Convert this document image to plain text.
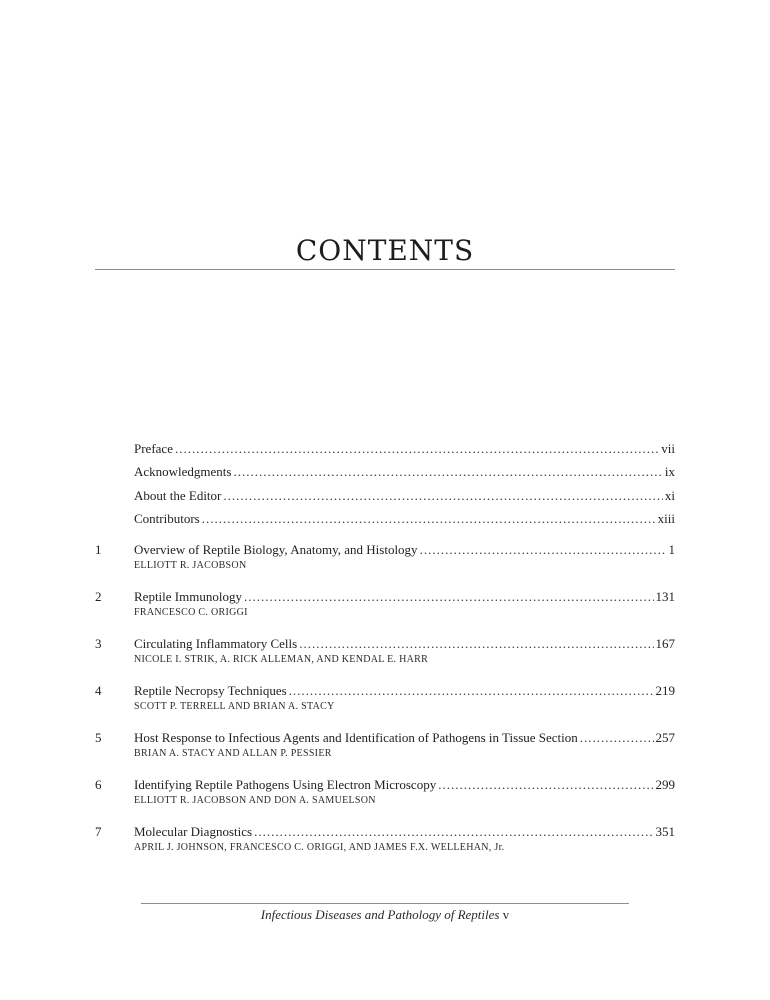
CONTENTS
Preface .....	vii
Acknowledgments .....	ix
About the Editor .....	xi
Contributors .....	xiii
1	Overview of Reptile Biology, Anatomy, and Histology .....	1
ELLIOTT R. JACOBSON
2	Reptile Immunology .....	131
FRANCESCO C. ORIGGI
3	Circulating Inflammatory Cells .....	167
NICOLE I. STRIK, A. RICK ALLEMAN, AND KENDAL E. HARR
4	Reptile Necropsy Techniques .....	219
SCOTT P. TERRELL AND BRIAN A. STACY
5	Host Response to Infectious Agents and Identification of Pathogens in Tissue Section .....	257
BRIAN A. STACY AND ALLAN P. PESSIER
6	Identifying Reptile Pathogens Using Electron Microscopy .....	299
ELLIOTT R. JACOBSON AND DON A. SAMUELSON
7	Molecular Diagnostics .....	351
APRIL J. JOHNSON, FRANCESCO C. ORIGGI, AND JAMES F.X. WELLEHAN, Jr.
Infectious Diseases and Pathology of Reptiles v
